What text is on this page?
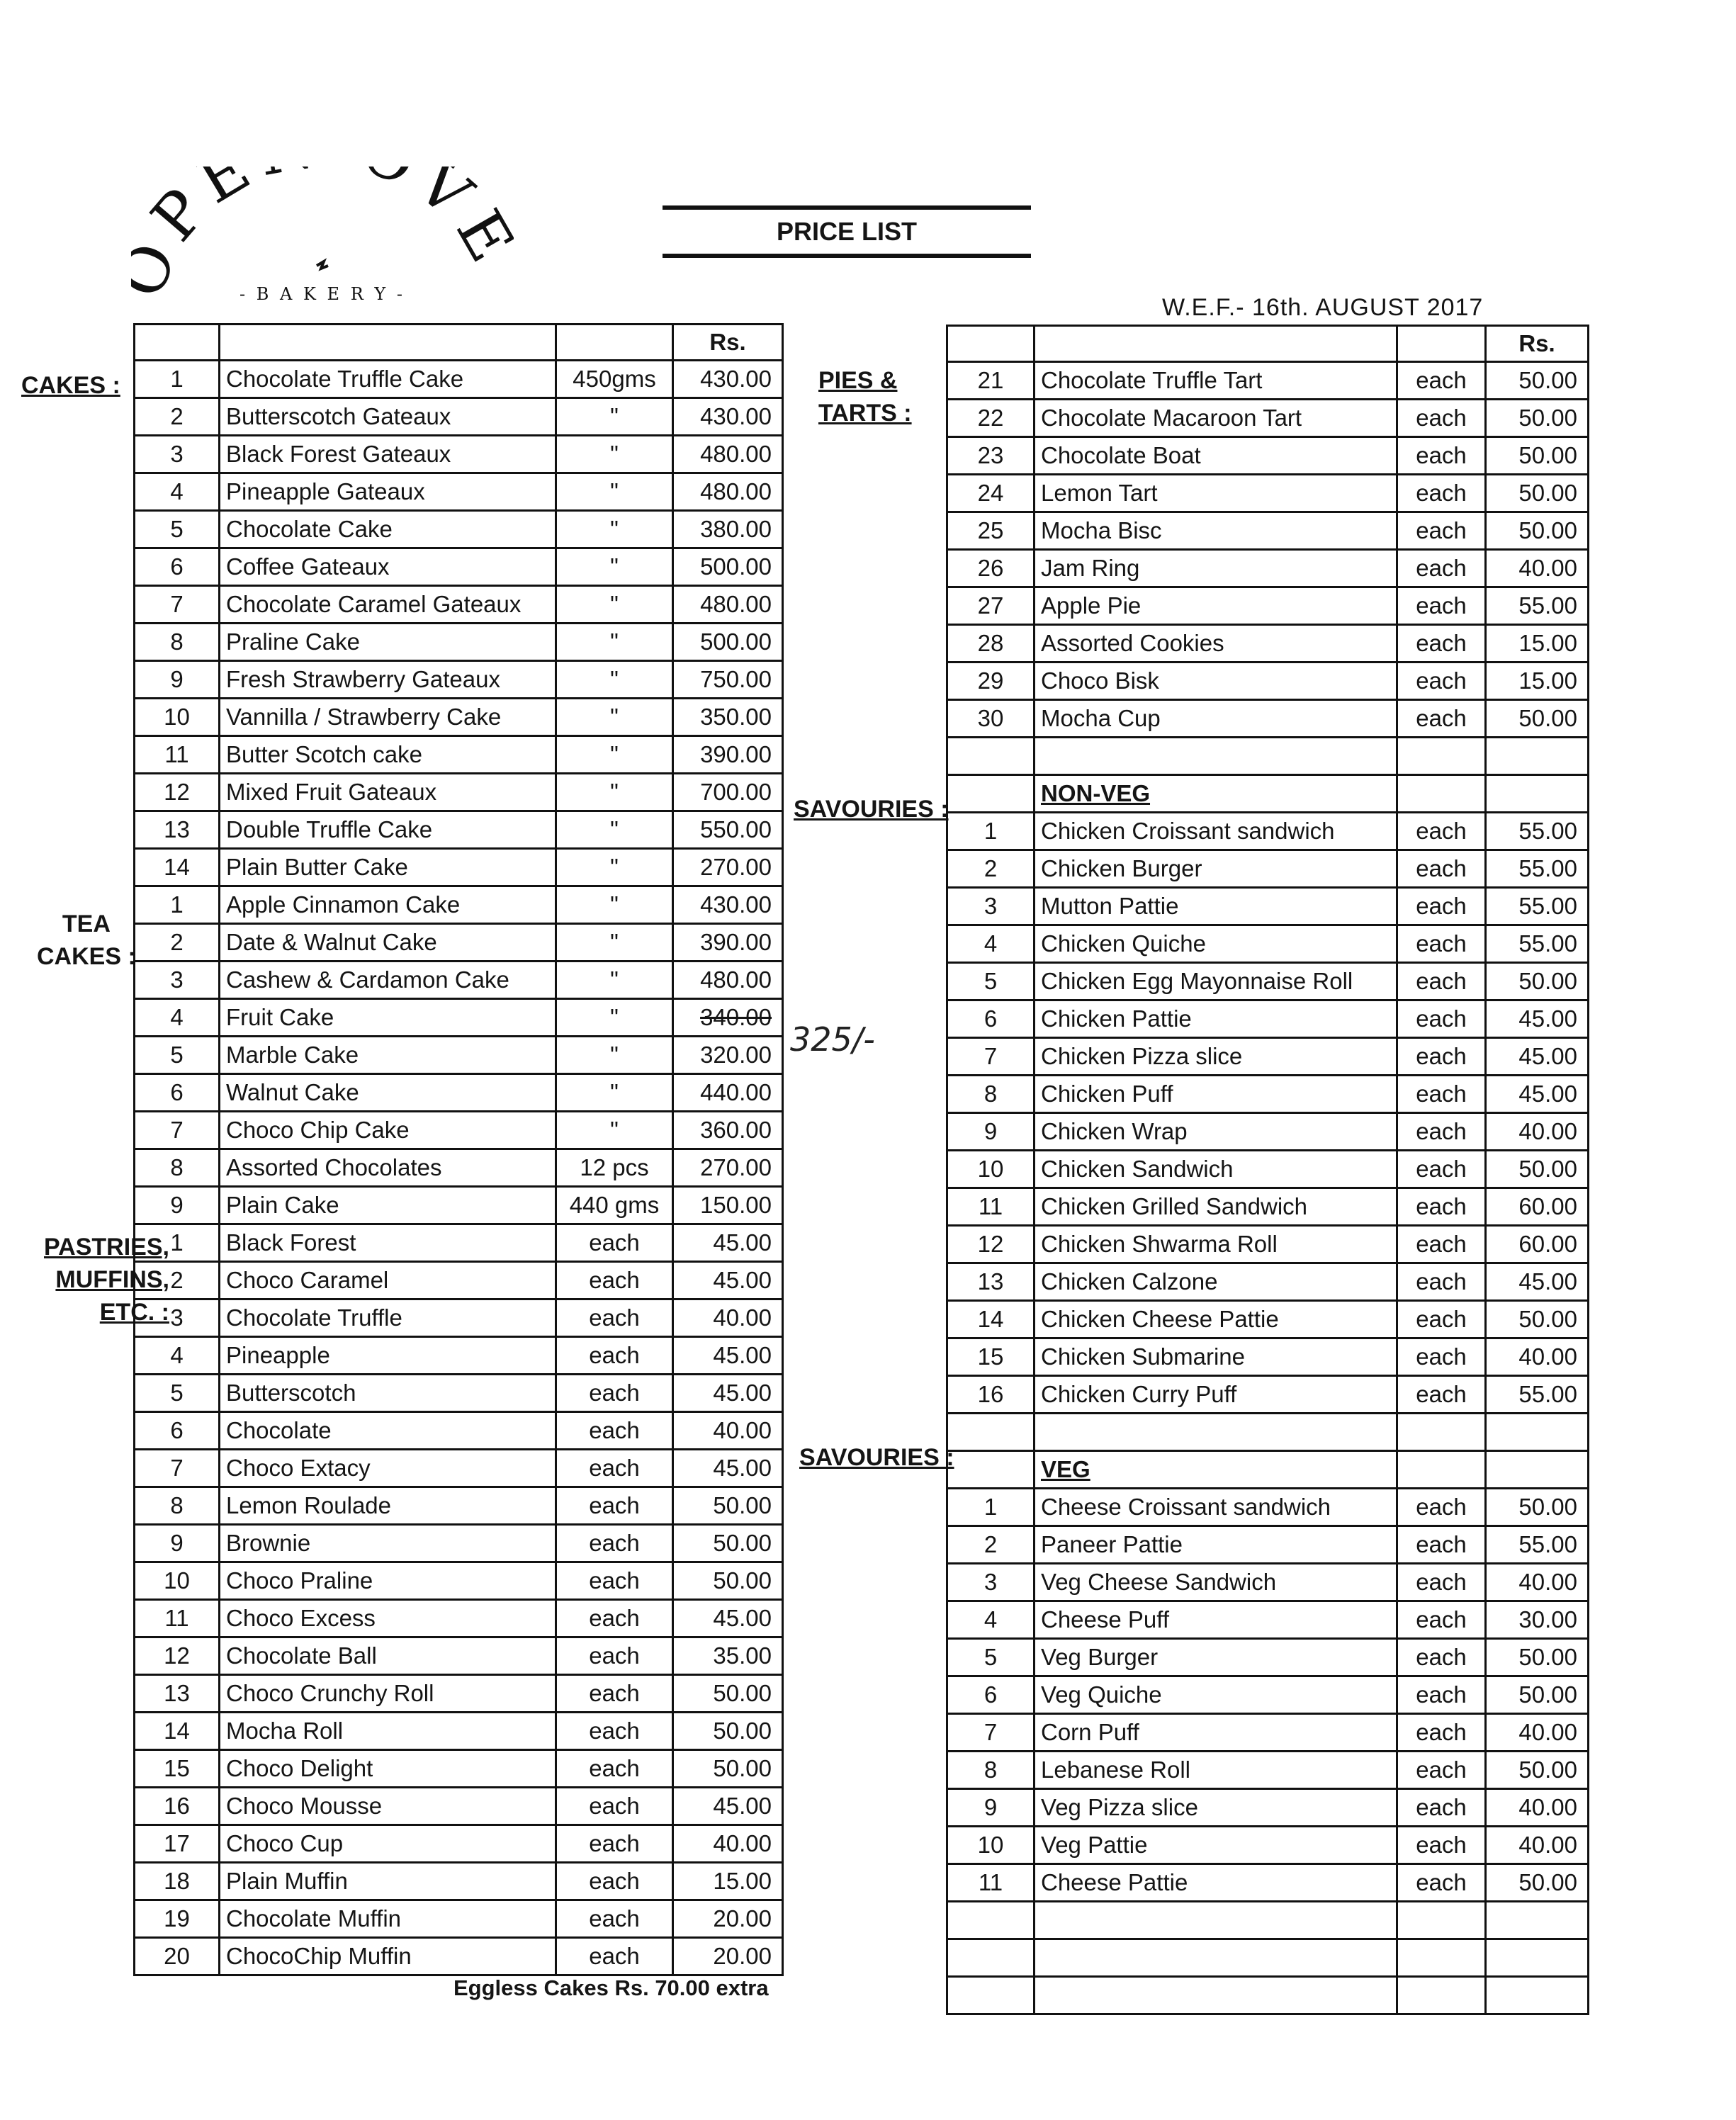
PE V
- B A K E R Y -
PRICE LIST
W.E.F.- 16th. AUGUST 2017
CAKES :
TEA
CAKES :
PASTRIES,
MUFFINS,
ETC. :
PIES &
TARTS :
SAVOURIES :
SAVOURIES :
			Rs.
1	Chocolate Truffle Cake	450gms	430.00
2	Butterscotch Gateaux	"	430.00
3	Black Forest Gateaux	"	480.00
4	Pineapple Gateaux	"	480.00
5	Chocolate Cake	"	380.00
6	Coffee Gateaux	"	500.00
7	Chocolate Caramel Gateaux	"	480.00
8	Praline Cake	"	500.00
9	Fresh Strawberry Gateaux	"	750.00
10	Vannilla / Strawberry Cake	"	350.00
11	Butter Scotch cake	"	390.00
12	Mixed Fruit Gateaux	"	700.00
13	Double Truffle Cake	"	550.00
14	Plain Butter Cake	"	270.00
1	Apple Cinnamon Cake	"	430.00
2	Date & Walnut Cake	"	390.00
3	Cashew & Cardamon Cake	"	480.00
4	Fruit Cake	"	340.00
5	Marble Cake	"	320.00
6	Walnut Cake	"	440.00
7	Choco Chip Cake	"	360.00
8	Assorted Chocolates	12 pcs	270.00
9	Plain Cake	440 gms	150.00
1	Black Forest	each	45.00
2	Choco Caramel	each	45.00
3	Chocolate Truffle	each	40.00
4	Pineapple	each	45.00
5	Butterscotch	each	45.00
6	Chocolate	each	40.00
7	Choco Extacy	each	45.00
8	Lemon Roulade	each	50.00
9	Brownie	each	50.00
10	Choco Praline	each	50.00
11	Choco Excess	each	45.00
12	Chocolate Ball	each	35.00
13	Choco Crunchy Roll	each	50.00
14	Mocha Roll	each	50.00
15	Choco Delight	each	50.00
16	Choco Mousse	each	45.00
17	Choco Cup	each	40.00
18	Plain Muffin	each	15.00
19	Chocolate Muffin	each	20.00
20	ChocoChip Muffin	each	20.00
			Rs.
21	Chocolate Truffle Tart	each	50.00
22	Chocolate Macaroon Tart	each	50.00
23	Chocolate Boat	each	50.00
24	Lemon Tart	each	50.00
25	Mocha Bisc	each	50.00
26	Jam Ring	each	40.00
27	Apple Pie	each	55.00
28	Assorted Cookies	each	15.00
29	Choco Bisk	each	15.00
30	Mocha Cup	each	50.00

	NON-VEG		
1	Chicken Croissant sandwich	each	55.00
2	Chicken Burger	each	55.00
3	Mutton Pattie	each	55.00
4	Chicken Quiche	each	55.00
5	Chicken Egg Mayonnaise Roll	each	50.00
6	Chicken Pattie	each	45.00
7	Chicken Pizza slice	each	45.00
8	Chicken Puff	each	45.00
9	Chicken Wrap	each	40.00
10	Chicken Sandwich	each	50.00
11	Chicken Grilled Sandwich	each	60.00
12	Chicken Shwarma Roll	each	60.00
13	Chicken Calzone	each	45.00
14	Chicken Cheese Pattie	each	50.00
15	Chicken Submarine	each	40.00
16	Chicken Curry Puff	each	55.00

	VEG		
1	Cheese Croissant sandwich	each	50.00
2	Paneer Pattie	each	55.00
3	Veg Cheese Sandwich	each	40.00
4	Cheese Puff	each	30.00
5	Veg Burger	each	50.00
6	Veg Quiche	each	50.00
7	Corn Puff	each	40.00
8	Lebanese Roll	each	50.00
9	Veg Pizza slice	each	40.00
10	Veg Pattie	each	40.00
11	Cheese Pattie	each	50.00

325/-
Eggless Cakes Rs. 70.00 extra
